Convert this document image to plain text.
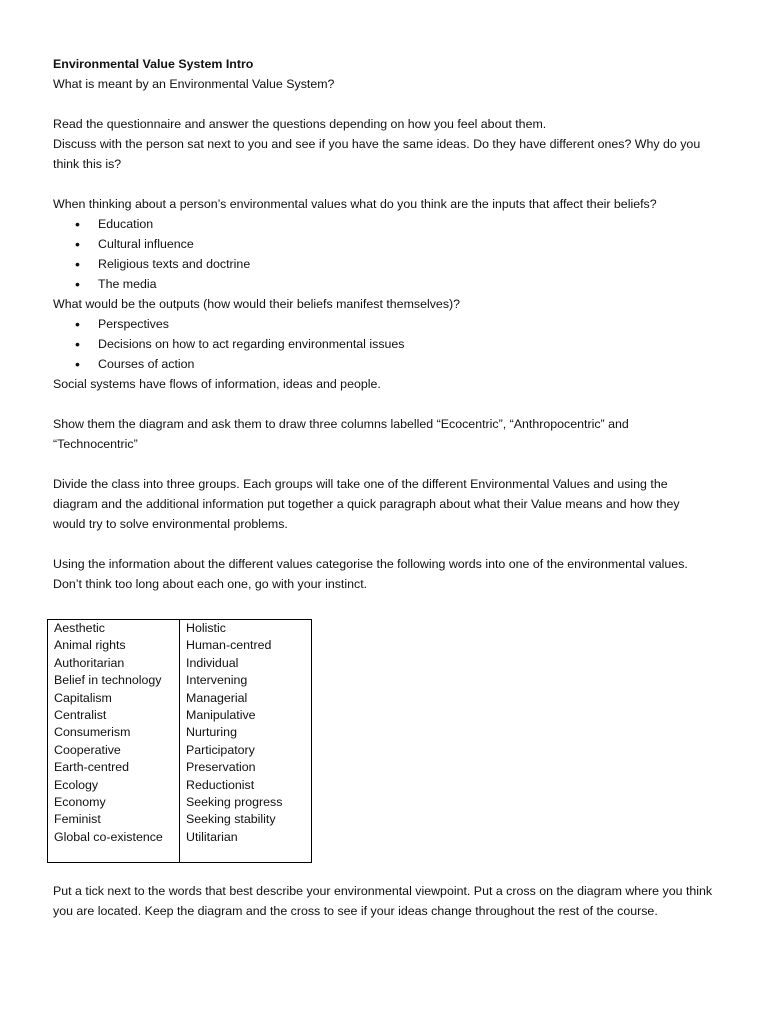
Environmental Value System Intro

What is meant by an Environmental Value System?

Read the questionnaire and answer the questions depending on how you feel about them.

Discuss with the person sat next to you and see if you have the same ideas. Do they have different ones? Why do you think this is?

When thinking about a person’s environmental values what do you think are the inputs that affect their beliefs?

• Education
• Cultural influence
• Religious texts and doctrine
• The media

What would be the outputs (how would their beliefs manifest themselves)?

• Perspectives
• Decisions on how to act regarding environmental issues
• Courses of action

Social systems have flows of information, ideas and people.

Show them the diagram and ask them to draw three columns labelled “Ecocentric”, “Anthropocentric” and “Technocentric”

Divide the class into three groups. Each groups will take one of the different Environmental Values and using the diagram and the additional information put together a quick paragraph about what their Value means and how they would try to solve environmental problems.

Using the information about the different values categorise the following words into one of the environmental values. Don’t think too long about each one, go with your instinct.

Aesthetic
Animal rights
Authoritarian
Belief in technology
Capitalism
Centralist
Consumerism
Cooperative
Earth-centred
Ecology
Economy
Feminist
Global co-existence
Holistic
Human-centred
Individual
Intervening
Managerial
Manipulative
Nurturing
Participatory
Preservation
Reductionist
Seeking progress
Seeking stability
Utilitarian

Put a tick next to the words that best describe your environmental viewpoint. Put a cross on the diagram where you think you are located. Keep the diagram and the cross to see if your ideas change throughout the rest of the course.
